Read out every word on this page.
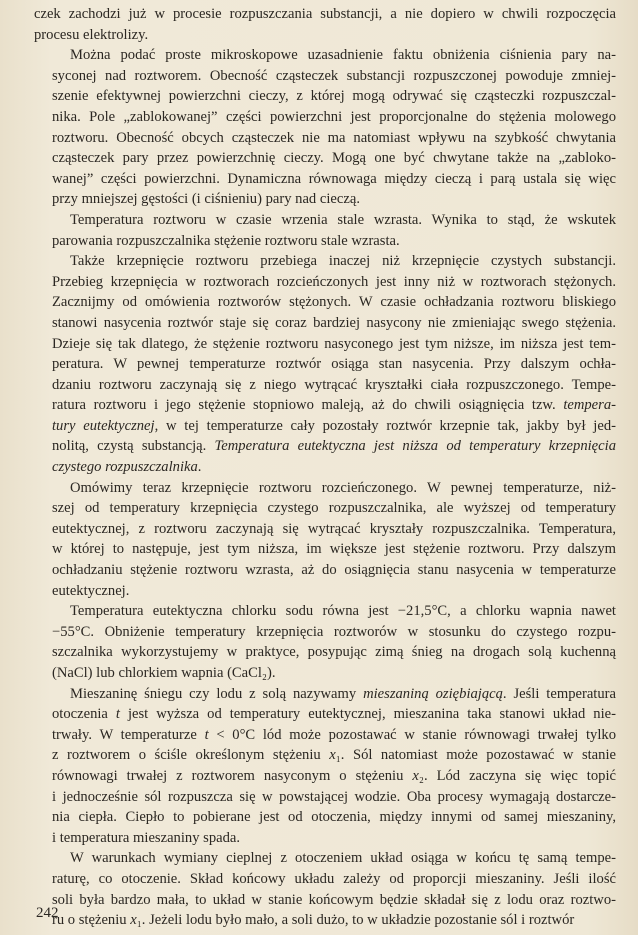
czek zachodzi już w procesie rozpuszczania substancji, a nie dopiero w chwili rozpoczęcia
procesu elektrolizy.

Można podać proste mikroskopowe uzasadnienie faktu obniżenia ciśnienia pary na-
syconej nad roztworem. Obecność cząsteczek substancji rozpuszczonej powoduje zmniej-
szenie efektywnej powierzchni cieczy, z której mogą odrywać się cząsteczki rozpuszczal-
nika. Pole „zablokowanej” części powierzchni jest proporcjonalne do stężenia molowego
roztworu. Obecność obcych cząsteczek nie ma natomiast wpływu na szybkość chwytania
cząsteczek pary przez powierzchnię cieczy. Mogą one być chwytane także na „zabloko-
wanej” części powierzchni. Dynamiczna równowaga między cieczą i parą ustala się więc
przy mniejszej gęstości (i ciśnieniu) pary nad cieczą.

Temperatura roztworu w czasie wrzenia stale wzrasta. Wynika to stąd, że wskutek
parowania rozpuszczalnika stężenie roztworu stale wzrasta.

Także krzepnięcie roztworu przebiega inaczej niż krzepnięcie czystych substancji.
Przebieg krzepnięcia w roztworach rozcieńczonych jest inny niż w roztworach stężonych.
Zacznijmy od omówienia roztworów stężonych. W czasie ochładzania roztworu bliskiego
stanowi nasycenia roztwór staje się coraz bardziej nasycony nie zmieniając swego stężenia.
Dzieje się tak dlatego, że stężenie roztworu nasyconego jest tym niższe, im niższa jest tem-
peratura. W pewnej temperaturze roztwór osiąga stan nasycenia. Przy dalszym ochła-
dzaniu roztworu zaczynają się z niego wytrącać kryształki ciała rozpuszczonego. Tempe-
ratura roztworu i jego stężenie stopniowo maleją, aż do chwili osiągnięcia tzw. tempera-
tury eutektycznej, w tej temperaturze cały pozostały roztwór krzepnie tak, jakby był jed-
nolitą, czystą substancją. Temperatura eutektyczna jest niższa od temperatury krzepnięcia
czystego rozpuszczalnika.

Omówimy teraz krzepnięcie roztworu rozcieńczonego. W pewnej temperaturze, niż-
szej od temperatury krzepnięcia czystego rozpuszczalnika, ale wyższej od temperatury
eutektycznej, z roztworu zaczynają się wytrącać kryształy rozpuszczalnika. Temperatura,
w której to następuje, jest tym niższa, im większe jest stężenie roztworu. Przy dalszym
ochładzaniu stężenie roztworu wzrasta, aż do osiągnięcia stanu nasycenia w temperaturze
eutektycznej.

Temperatura eutektyczna chlorku sodu równa jest −21,5°C, a chlorku wapnia nawet
−55°C. Obniżenie temperatury krzepnięcia roztworów w stosunku do czystego rozpu-
szczalnika wykorzystujemy w praktyce, posypując zimą śnieg na drogach solą kuchenną
(NaCl) lub chlorkiem wapnia (CaCl₂).

Mieszaninę śniegu czy lodu z solą nazywamy mieszaniną oziębiającą. Jeśli temperatura
otoczenia t jest wyższa od temperatury eutektycznej, mieszanina taka stanowi układ nie-
trwały. W temperaturze t < 0°C lód może pozostawać w stanie równowagi trwałej tylko
z roztworem o ściśle określonym stężeniu x₁. Sól natomiast może pozostawać w stanie
równowagi trwałej z roztworem nasyconym o stężeniu x₂. Lód zaczyna się więc topić
i jednocześnie sól rozpuszcza się w powstającej wodzie. Oba procesy wymagają dostarcze-
nia ciepła. Ciepło to pobierane jest od otoczenia, między innymi od samej mieszaniny,
i temperatura mieszaniny spada.

W warunkach wymiany cieplnej z otoczeniem układ osiąga w końcu tę samą tempe-
raturę, co otoczenie. Skład końcowy układu zależy od proporcji mieszaniny. Jeśli ilość
soli była bardzo mała, to układ w stanie końcowym będzie składał się z lodu oraz roztwo-
ru o stężeniu x₁. Jeżeli lodu było mało, a soli dużo, to w układzie pozostanie sól i roztwór

242
